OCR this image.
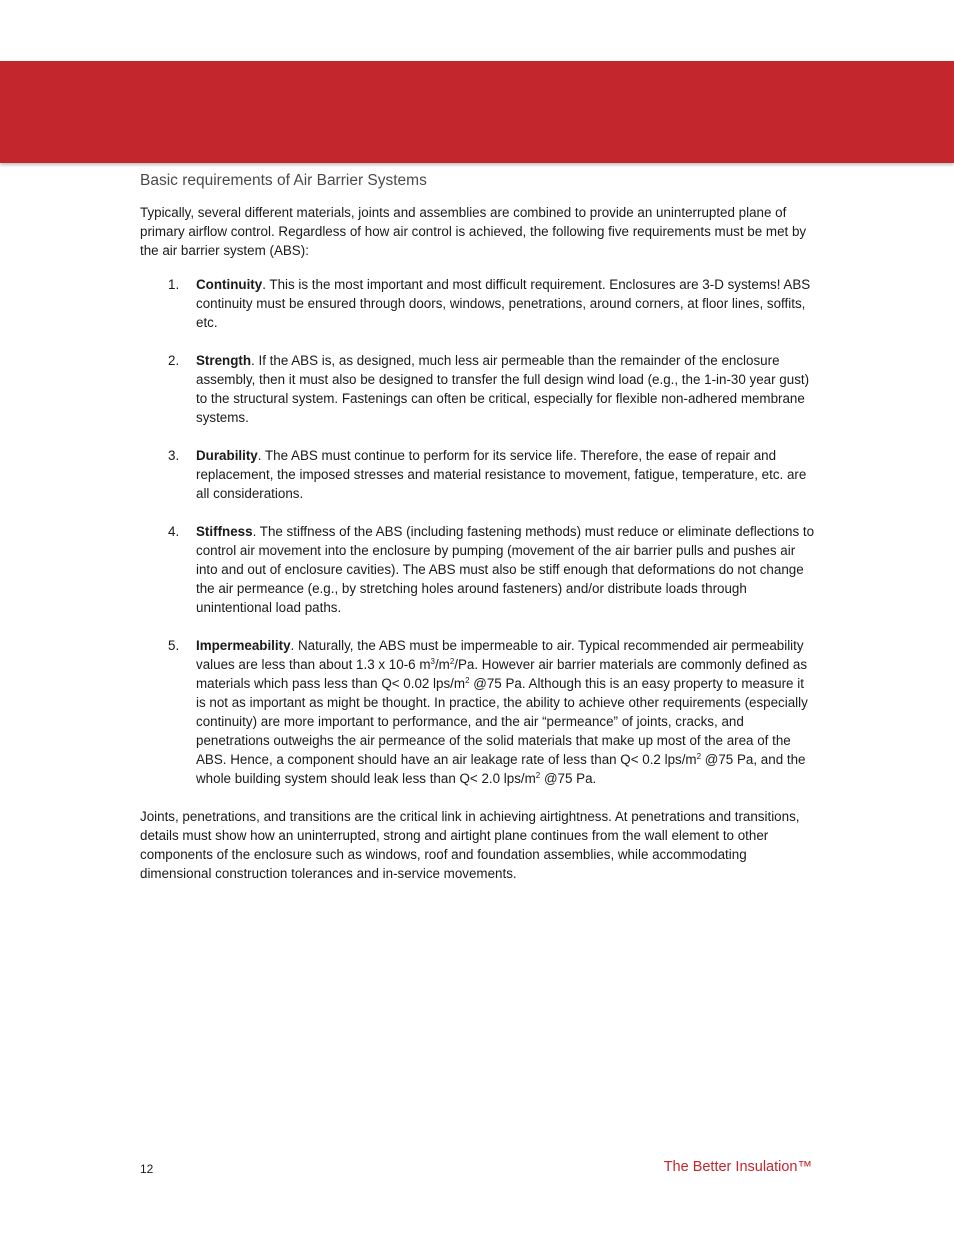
Basic requirements of Air Barrier Systems

Typically, several different materials, joints and assemblies are combined to provide an uninterrupted plane of primary airflow control. Regardless of how air control is achieved, the following five requirements must be met by the air barrier system (ABS):

1. Continuity. This is the most important and most difficult requirement. Enclosures are 3-D systems! ABS continuity must be ensured through doors, windows, penetrations, around corners, at floor lines, soffits, etc.
2. Strength. If the ABS is, as designed, much less air permeable than the remainder of the enclosure assembly, then it must also be designed to transfer the full design wind load (e.g., the 1-in-30 year gust) to the structural system. Fastenings can often be critical, especially for flexible non-adhered membrane systems.
3. Durability. The ABS must continue to perform for its service life. Therefore, the ease of repair and replacement, the imposed stresses and material resistance to movement, fatigue, temperature, etc. are all considerations.
4. Stiffness. The stiffness of the ABS (including fastening methods) must reduce or eliminate deflections to control air movement into the enclosure by pumping (movement of the air barrier pulls and pushes air into and out of enclosure cavities). The ABS must also be stiff enough that deformations do not change the air permeance (e.g., by stretching holes around fasteners) and/or distribute loads through unintentional load paths.
5. Impermeability. Naturally, the ABS must be impermeable to air. Typical recommended air permeability values are less than about 1.3 x 10-6 $m^3/m^2/Pa$. However air barrier materials are commonly defined as materials which pass less than Q< 0.02 lps/$m^2$ @75 Pa. Although this is an easy property to measure it is not as important as might be thought. In practice, the ability to achieve other requirements (especially continuity) are more important to performance, and the air “permeance” of joints, cracks, and penetrations outweighs the air permeance of the solid materials that make up most of the area of the ABS. Hence, a component should have an air leakage rate of less than Q< 0.2 lps/$m^2$ @75 Pa, and the whole building system should leak less than Q< 2.0 lps/$m^2$ @75 Pa.

Joints, penetrations, and transitions are the critical link in achieving airtightness. At penetrations and transitions, details must show how an uninterrupted, strong and airtight plane continues from the wall element to other components of the enclosure such as windows, roof and foundation assemblies, while accommodating dimensional construction tolerances and in-service movements.

12	The Better Insulation™
